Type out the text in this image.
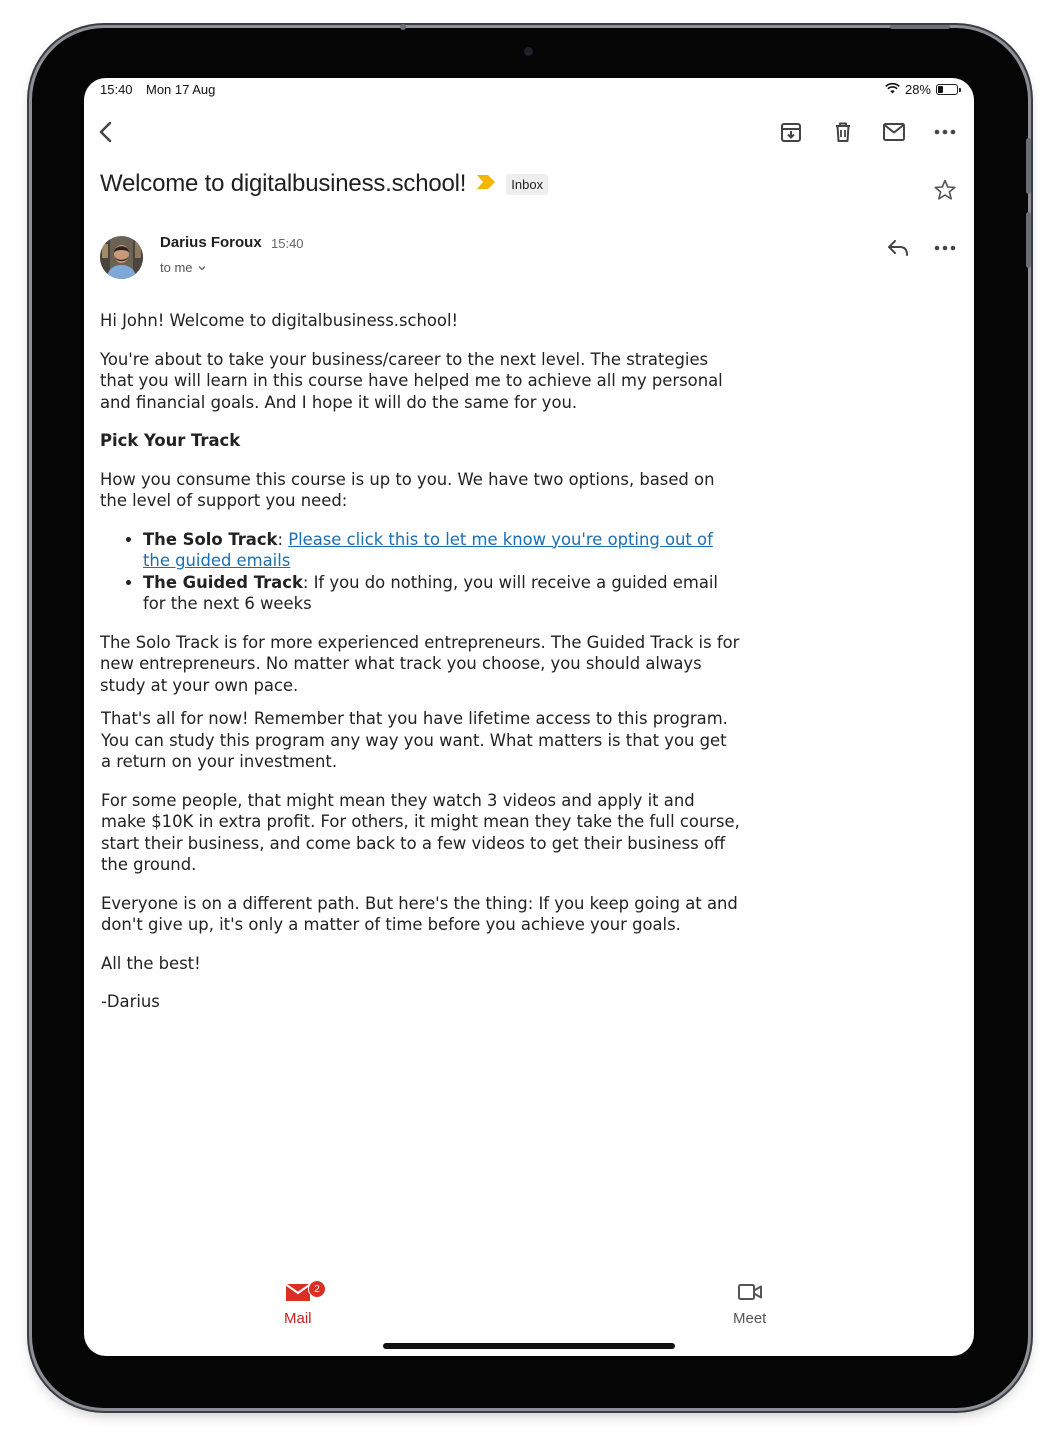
15:40 Mon 17 Aug	28%
Welcome to digitalbusiness.school!	Inbox
Darius Foroux 15:40
to me

Hi John! Welcome to digitalbusiness.school!

You're about to take your business/career to the next level. The strategies that you will learn in this course have helped me to achieve all my personal and financial goals. And I hope it will do the same for you.

Pick Your Track

How you consume this course is up to you. We have two options, based on the level of support you need:

• The Solo Track: Please click this to let me know you're opting out of the guided emails
• The Guided Track: If you do nothing, you will receive a guided email for the next 6 weeks

The Solo Track is for more experienced entrepreneurs. The Guided Track is for new entrepreneurs. No matter what track you choose, you should always study at your own pace.

That's all for now! Remember that you have lifetime access to this program. You can study this program any way you want. What matters is that you get a return on your investment.

For some people, that might mean they watch 3 videos and apply it and make $10K in extra profit. For others, it might mean they take the full course, start their business, and come back to a few videos to get their business off the ground.

Everyone is on a different path. But here's the thing: If you keep going at and don't give up, it's only a matter of time before you achieve your goals.

All the best!

-Darius

Mail
2
Meet
